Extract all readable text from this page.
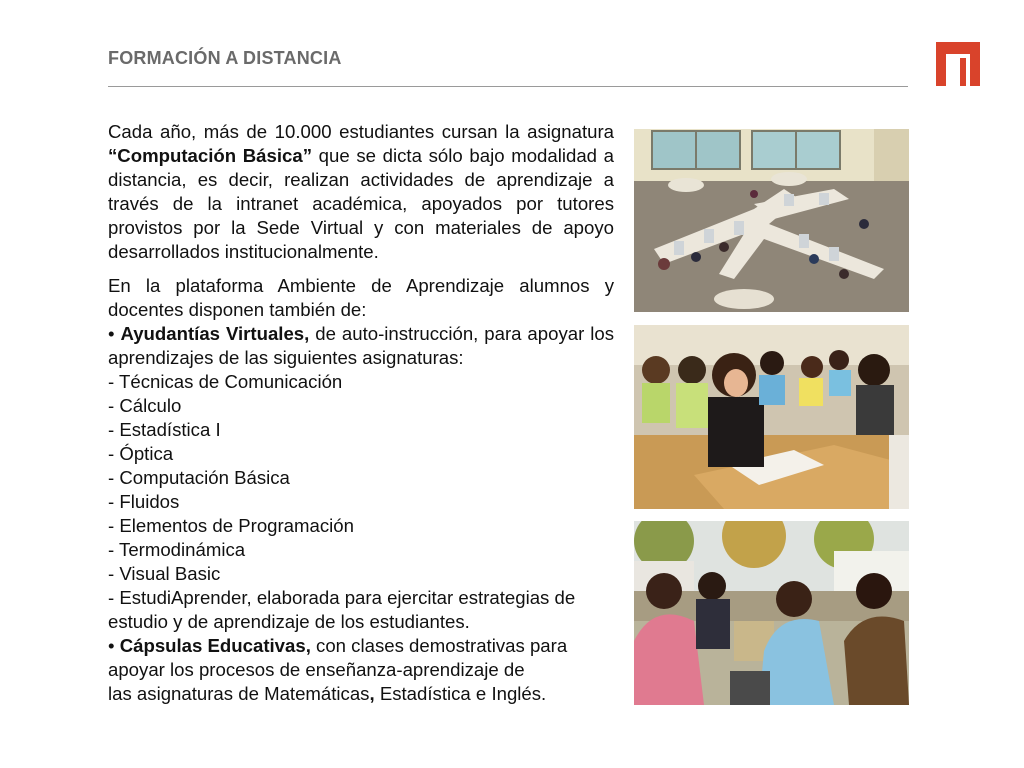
FORMACIÓN A DISTANCIA

Cada año, más de 10.000 estudiantes cursan la asignatura “Computación Básica” que se dicta sólo bajo modalidad a distancia, es decir, realizan actividades de aprendizaje a través de la intranet académica, apoyados por tutores provistos por la Sede Virtual y con materiales de apoyo desarrollados institucionalmente.

En la plataforma Ambiente de Aprendizaje alumnos y docentes disponen también de:

• Ayudantías Virtuales, de auto-instrucción, para apoyar los aprendizajes de las siguientes asignaturas:

- Técnicas de Comunicación

- Cálculo

- Estadística I

- Óptica

- Computación Básica

- Fluidos

- Elementos de Programación

- Termodinámica

- Visual Basic

- EstudiAprender, elaborada para ejercitar estrategias de

estudio y de aprendizaje de los estudiantes.

• Cápsulas Educativas, con clases demostrativas para

apoyar los procesos de enseñanza-aprendizaje de

las asignaturas de Matemáticas, Estadística e Inglés.
